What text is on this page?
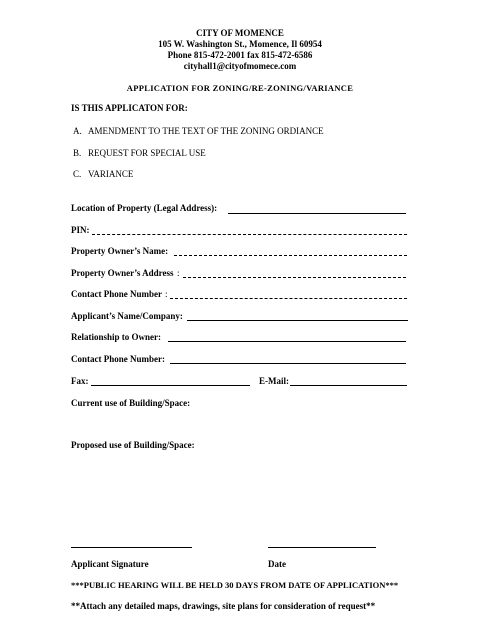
CITY OF MOMENCE
105 W. Washington St., Momence, Il 60954
Phone 815-472-2001 fax 815-472-6586
cityhall1@cityofmomece.com
APPLICATION FOR ZONING/RE-ZONING/VARIANCE
IS THIS APPLICATON FOR:
A. AMENDMENT TO THE TEXT OF THE ZONING ORDIANCE
B. REQUEST FOR SPECIAL USE
C. VARIANCE
Location of Property (Legal Address):
PIN:
Property Owner’s Name:
Property Owner’s Address :
Contact Phone Number :
Applicant’s Name/Company:
Relationship to Owner:
Contact Phone Number:
Fax:	E-Mail:
Current use of Building/Space:
Proposed use of Building/Space:
Applicant Signature	Date
***PUBLIC HEARING WILL BE HELD 30 DAYS FROM DATE OF APPLICATION***
**Attach any detailed maps, drawings, site plans for consideration of request**
